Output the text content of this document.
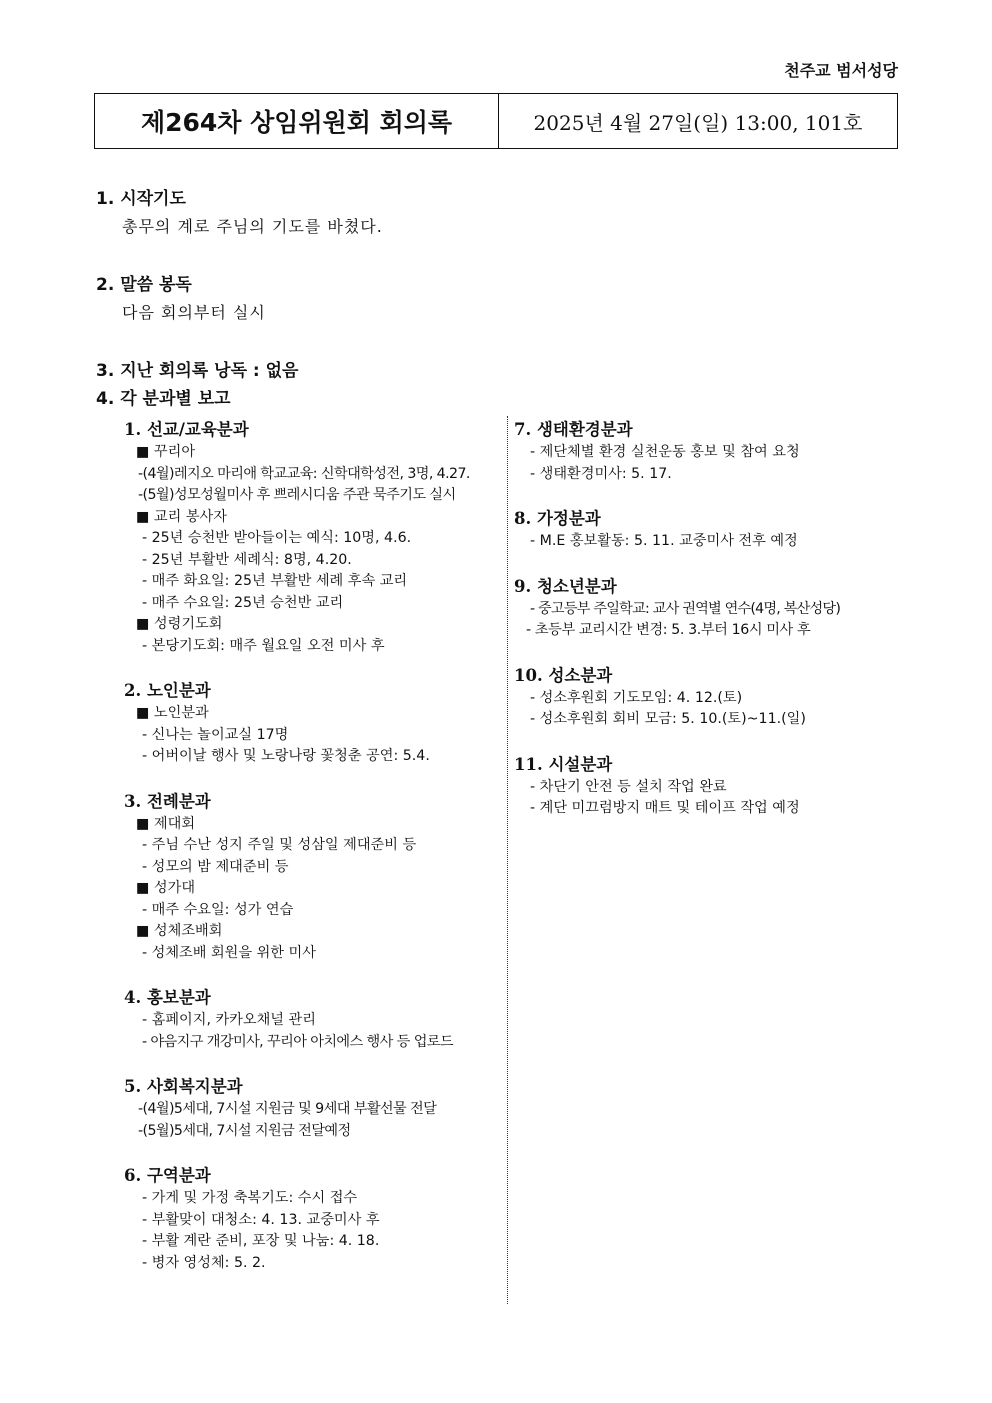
천주교 범서성당
제264차 상임위원회 회의록	2025년 4월 27일(일) 13:00, 101호
1. 시작기도
총무의 계로 주님의 기도를 바쳤다.
2. 말씀 봉독
다음 회의부터 실시
3. 지난 회의록 낭독 : 없음
4. 각 분과별 보고
1. 선교/교육분과
■ 꾸리아
-(4월)레지오 마리애 학교교육: 신학대학성전, 3명, 4.27.
-(5월)성모성월미사 후 쁘레시디움 주관 묵주기도 실시
■ 교리 봉사자
- 25년 승천반 받아들이는 예식: 10명, 4.6.
- 25년 부활반 세례식: 8명, 4.20.
- 매주 화요일: 25년 부활반 세례 후속 교리
- 매주 수요일: 25년 승천반 교리
■ 성령기도회
- 본당기도회: 매주 월요일 오전 미사 후
2. 노인분과
■ 노인분과
- 신나는 놀이교실 17명
- 어버이날 행사 및 노랑나랑 꽃청춘 공연: 5.4.
3. 전례분과
■ 제대회
- 주님 수난 성지 주일 및 성삼일 제대준비 등
- 성모의 밤 제대준비 등
■ 성가대
- 매주 수요일: 성가 연습
■ 성체조배회
- 성체조배 회원을 위한 미사
4. 홍보분과
- 홈페이지, 카카오채널 관리
- 야음지구 개강미사, 꾸리아 아치에스 행사 등 업로드
5. 사회복지분과
-(4월)5세대, 7시설 지원금 및 9세대 부활선물 전달
-(5월)5세대, 7시설 지원금 전달예정
6. 구역분과
- 가게 및 가정 축복기도: 수시 접수
- 부활맞이 대청소: 4. 13. 교중미사 후
- 부활 계란 준비, 포장 및 나눔: 4. 18.
- 병자 영성체: 5. 2.
7. 생태환경분과
- 제단체별 환경 실천운동 홍보 및 참여 요청
- 생태환경미사: 5. 17.
8. 가정분과
- M.E 홍보활동: 5. 11. 교중미사 전후 예정
9. 청소년분과
- 중고등부 주일학교: 교사 권역별 연수(4명, 복산성당)
- 초등부 교리시간 변경: 5. 3.부터 16시 미사 후
10. 성소분과
- 성소후원회 기도모임: 4. 12.(토)
- 성소후원회 회비 모금: 5. 10.(토)~11.(일)
11. 시설분과
- 차단기 안전 등 설치 작업 완료
- 계단 미끄럼방지 매트 및 테이프 작업 예정
